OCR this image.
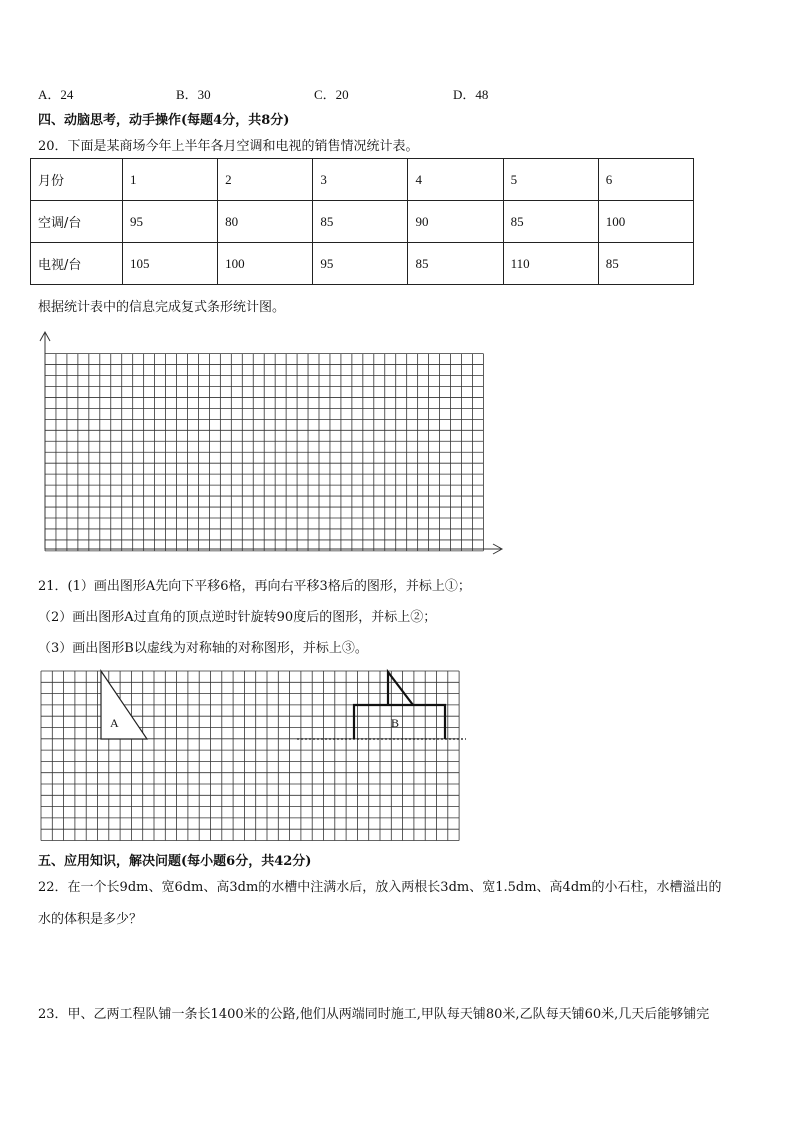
A．24	B．30	C．20	D．48
四、动脑思考，动手操作(每题4分，共8分)
20．下面是某商场今年上半年各月空调和电视的销售情况统计表。
月份	1	2	3	4	5	6
空调/台	95	80	85	90	85	100
电视/台	105	100	95	85	110	85
根据统计表中的信息完成复式条形统计图。
21．(1）画出图形A先向下平移6格，再向右平移3格后的图形，并标上①；
（2）画出图形A过直角的顶点逆时针旋转90度后的图形，并标上②；
（3）画出图形B以虚线为对称轴的对称图形，并标上③。
A	B
五、应用知识，解决问题(每小题6分，共42分)
22．在一个长9dm、宽6dm、高3dm的水槽中注满水后，放入两根长3dm、宽1.5dm、高4dm的小石柱，水槽溢出的
水的体积是多少？
23．甲、乙两工程队铺一条长1400米的公路,他们从两端同时施工,甲队每天铺80米,乙队每天铺60米,几天后能够铺完
